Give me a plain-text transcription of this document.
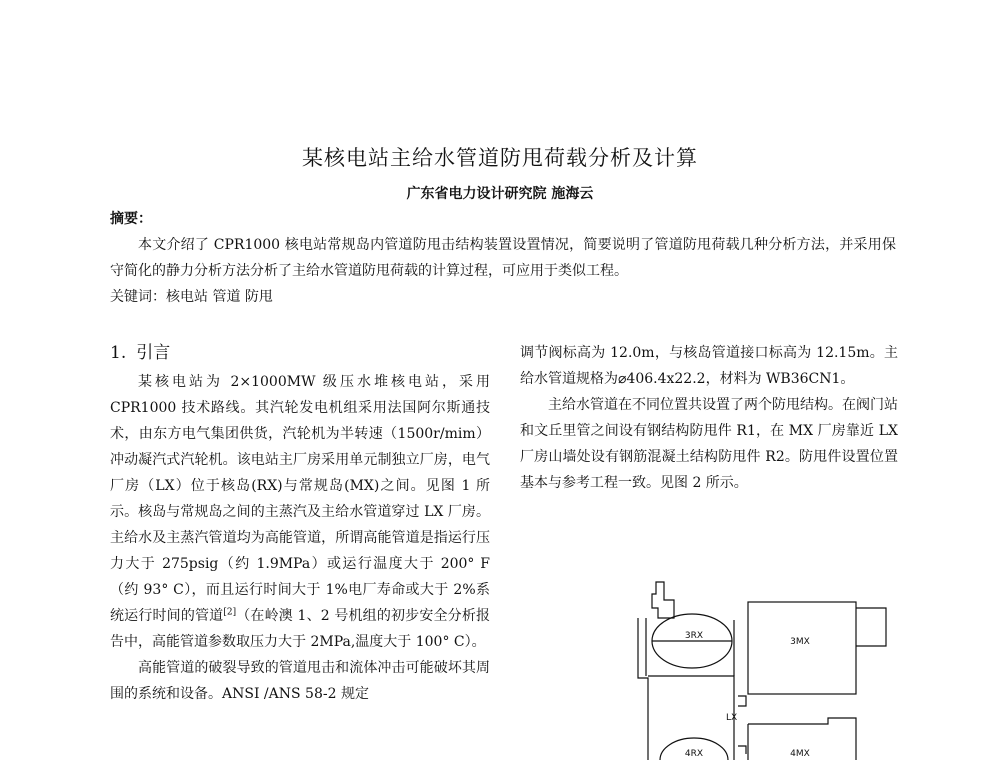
某核电站主给水管道防甩荷载分析及计算
广东省电力设计研究院 施海云
摘要：
本文介绍了 CPR1000 核电站常规岛内管道防甩击结构装置设置情况，简要说明了管道防甩荷载几种分析方法，并采用保守简化的静力分析方法分析了主给水管道防甩荷载的计算过程，可应用于类似工程。
关键词：核电站 管道 防甩
1. 引言

某核电站为 2×1000MW 级压水堆核电站，采用 CPR1000 技术路线。其汽轮发电机组采用法国阿尔斯通技术，由东方电气集团供货，汽轮机为半转速（1500r/mim）冲动凝汽式汽轮机。该电站主厂房采用单元制独立厂房，电气厂房（LX）位于核岛(RX)与常规岛(MX)之间。见图 1 所示。核岛与常规岛之间的主蒸汽及主给水管道穿过 LX 厂房。主给水及主蒸汽管道均为高能管道，所谓高能管道是指运行压力大于 275psig（约 1.9MPa）或运行温度大于 200° F（约 93° C），而且运行时间大于 1%电厂寿命或大于 2%系统运行时间的管道[2]（在岭澳 1、2 号机组的初步安全分析报告中，高能管道参数取压力大于 2MPa,温度大于 100° C）。

高能管道的破裂导致的管道甩击和流体冲击可能破坏其周围的系统和设备。ANSI /ANS 58-2 规定

调节阀标高为 12.0m，与核岛管道接口标高为 12.15m。主给水管道规格为⌀406.4x22.2，材料为 WB36CN1。

主给水管道在不同位置共设置了两个防甩结构。在阀门站和文丘里管之间设有钢结构防甩件 R1，在 MX 厂房靠近 LX 厂房山墙处设有钢筋混凝土结构防甩件 R2。防甩件设置位置基本与参考工程一致。见图 2 所示。

3RX
3MX
LX
4RX	4MX
